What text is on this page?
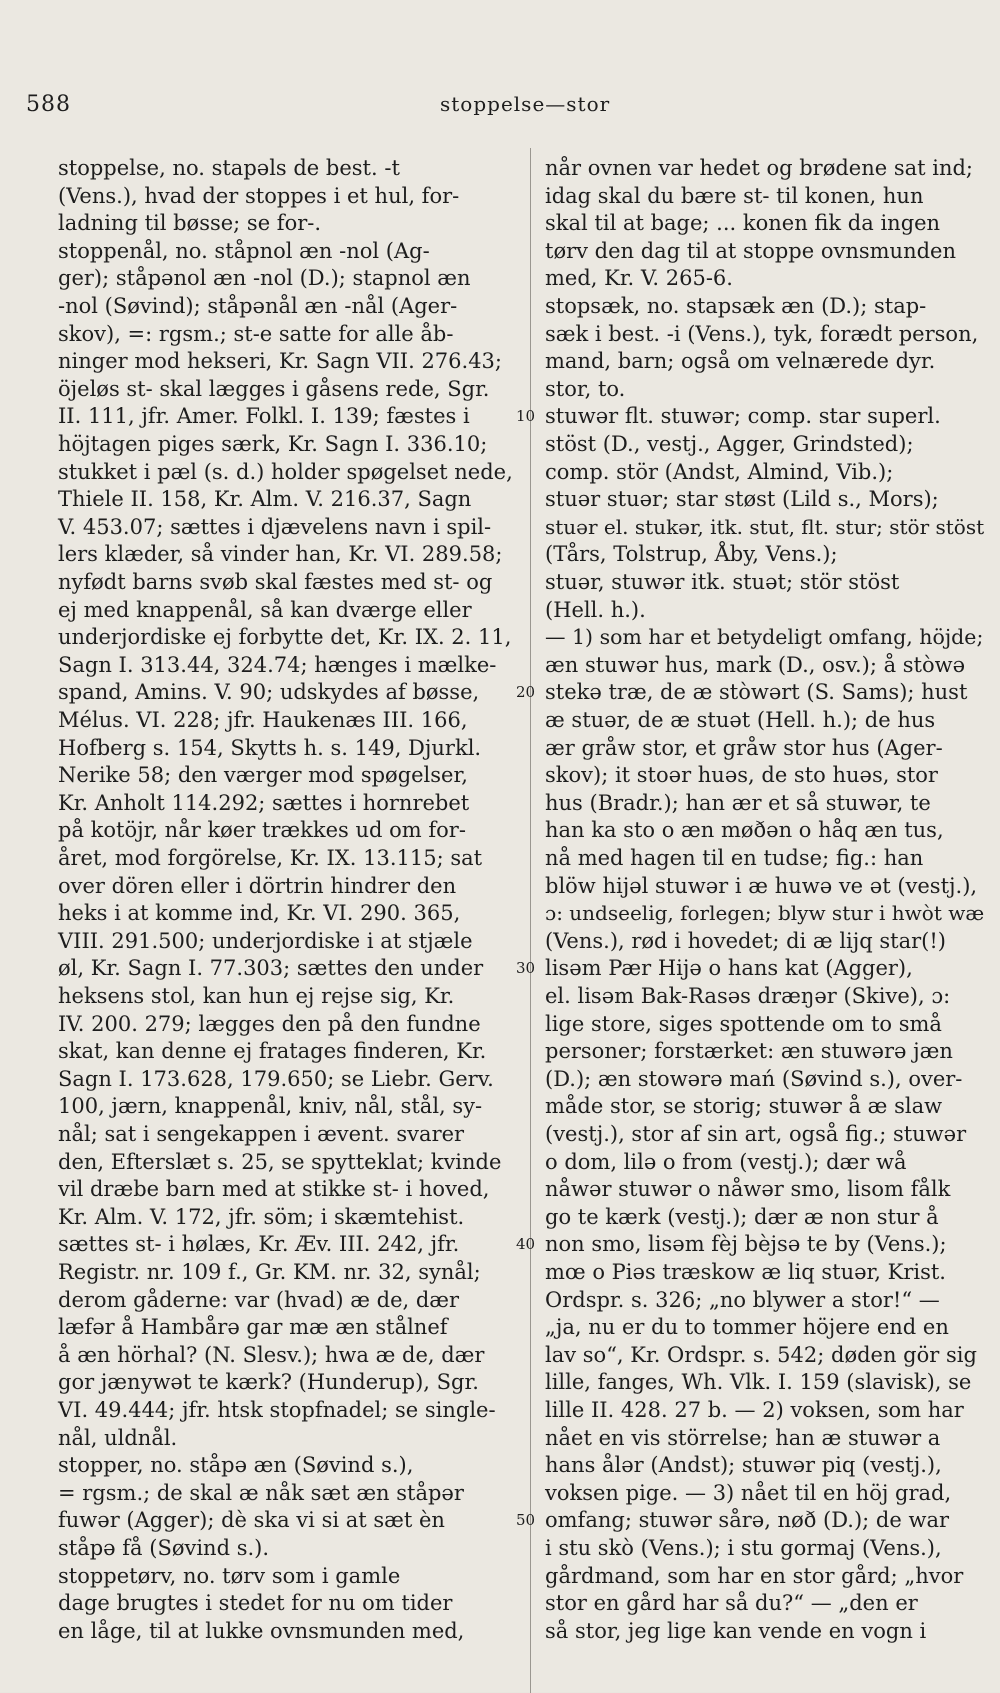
588	stoppelse—stor
stoppelse, no. stapəls de best. -t
(Vens.), hvad der stoppes i et hul, for-
ladning til bøsse; se for-.
stoppenål, no. ståpnol æn -nol (Ag-
ger); ståpənol æn -nol (D.); stapnol æn
-nol (Søvind); ståpənål æn -nål (Ager-
skov), =: rgsm.; st-e satte for alle åb-
ninger mod hekseri, Kr. Sagn VII. 276.43;
öjeløs st- skal lægges i gåsens rede, Sgr.
II. 111, jfr. Amer. Folkl. I. 139; fæstes i
höjtagen piges særk, Kr. Sagn I. 336.10;
stukket i pæl (s. d.) holder spøgelset nede,
Thiele II. 158, Kr. Alm. V. 216.37, Sagn
V. 453.07; sættes i djævelens navn i spil-
lers klæder, så vinder han, Kr. VI. 289.58;
nyfødt barns svøb skal fæstes med st- og
ej med knappenål, så kan dværge eller
underjordiske ej forbytte det, Kr. IX. 2. 11,
Sagn I. 313.44, 324.74; hænges i mælke-
spand, Amins. V. 90; udskydes af bøsse,
Mélus. VI. 228; jfr. Haukenæs III. 166,
Hofberg s. 154, Skytts h. s. 149, Djurkl.
Nerike 58; den værger mod spøgelser,
Kr. Anholt 114.292; sættes i hornrebet
på kotöjr, når køer trækkes ud om for-
året, mod forgörelse, Kr. IX. 13.115; sat
over dören eller i dörtrin hindrer den
heks i at komme ind, Kr. VI. 290. 365,
VIII. 291.500; underjordiske i at stjæle
øl, Kr. Sagn I. 77.303; sættes den under
heksens stol, kan hun ej rejse sig, Kr.
IV. 200. 279; lægges den på den fundne
skat, kan denne ej fratages finderen, Kr.
Sagn I. 173.628, 179.650; se Liebr. Gerv.
100, jærn, knappenål, kniv, nål, stål, sy-
nål; sat i sengekappen i ævent. svarer
den, Efterslæt s. 25, se spytteklat; kvinde
vil dræbe barn med at stikke st- i hoved,
Kr. Alm. V. 172, jfr. söm; i skæmtehist.
sættes st- i hølæs, Kr. Æv. III. 242, jfr.
Registr. nr. 109 f., Gr. KM. nr. 32, synål;
derom gåderne: var (hvad) æ de, dær
læfər å Hambårə gar mæ æn stålnef
å æn hörhal? (N. Slesv.); hwa æ de, dær
gor jænywət te kærk? (Hunderup), Sgr.
VI. 49.444; jfr. htsk stopfnadel; se single-
nål, uldnål.
stopper, no. ståpə æn (Søvind s.),
= rgsm.; de skal æ nåk sæt æn ståpər
fuwər (Agger); dè ska vi si at sæt èn
ståpə få (Søvind s.).
stoppetørv, no. tørv som i gamle
dage brugtes i stedet for nu om tider
en låge, til at lukke ovnsmunden med,
når ovnen var hedet og brødene sat ind;
idag skal du bære st- til konen, hun
skal til at bage; ... konen fik da ingen
tørv den dag til at stoppe ovnsmunden
med, Kr. V. 265-6.
stopsæk, no. stapsæk æn (D.); stap-
sæk i best. -i (Vens.), tyk, forædt person,
mand, barn; også om velnærede dyr.
stor, to.
stuwər flt. stuwər; comp. star superl.
stöst (D., vestj., Agger, Grindsted);
comp. stör (Andst, Almind, Vib.);
stuər stuər; star støst (Lild s., Mors);
stuər el. stukər, itk. stut, flt. stur; stör stöst
(Tårs, Tolstrup, Åby, Vens.);
stuər, stuwər itk. stuət; stör stöst
(Hell. h.).
— 1) som har et betydeligt omfang, höjde;
æn stuwər hus, mark (D., osv.); å stòwə
stekə træ, de æ stòwərt (S. Sams); hust
æ stuər, de æ stuət (Hell. h.); de hus
ær gråw stor, et gråw stor hus (Ager-
skov); it stoər huəs, de sto huəs, stor
hus (Bradr.); han ær et så stuwər, te
han ka sto o æn møðən o håq æn tus,
nå med hagen til en tudse; fig.: han
blöw hijəl stuwər i æ huwə ve ət (vestj.),
ɔ: undseelig, forlegen; blyw stur i hwòt wæ
(Vens.), rød i hovedet; di æ lijq star(!)
lisəm Pær Hijə o hans kat (Agger),
el. lisəm Bak-Rasəs dræŋər (Skive), ɔ:
lige store, siges spottende om to små
personer; forstærket: æn stuwərə jæn
(D.); æn stowərə mań (Søvind s.), over-
måde stor, se storig; stuwər å æ slaw
(vestj.), stor af sin art, også fig.; stuwər
o dom, lilə o from (vestj.); dær wå
nåwər stuwər o nåwər smo, lisom fålk
go te kærk (vestj.); dær æ non stur å
non smo, lisəm fèj bèjsə te by (Vens.);
mœ o Piəs træskow æ liq stuər, Krist.
Ordspr. s. 326; „no blywer a stor!“ —
„ja, nu er du to tommer höjere end en
lav so“, Kr. Ordspr. s. 542; døden gör sig
lille, fanges, Wh. Vlk. I. 159 (slavisk), se
lille II. 428. 27 b. — 2) voksen, som har
nået en vis störrelse; han æ stuwər a
hans ålər (Andst); stuwər piq (vestj.),
voksen pige. — 3) nået til en höj grad,
omfang; stuwər sårə, nøð (D.); de war
i stu skò (Vens.); i stu gormaj (Vens.),
gårdmand, som har en stor gård; „hvor
stor en gård har så du?“ — „den er
så stor, jeg lige kan vende en vogn i
10
20
30
40
50
